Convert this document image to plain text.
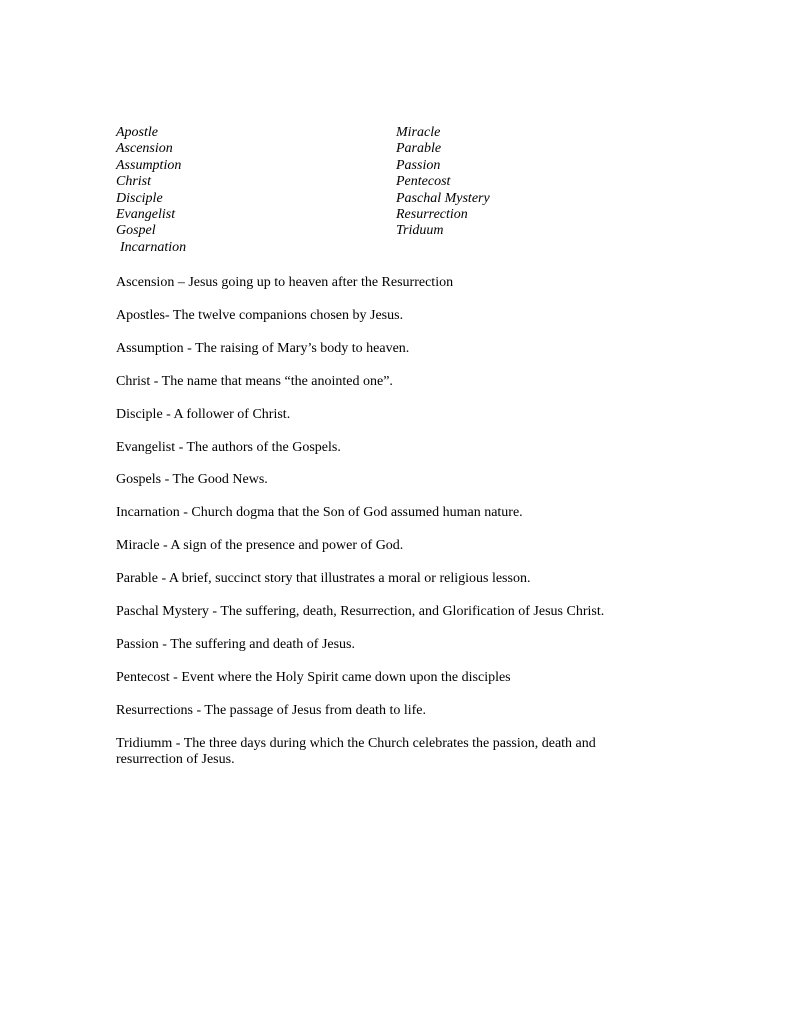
Apostle
Ascension
Assumption
Christ
Disciple
Evangelist
Gospel
Incarnation
Miracle
Parable
Passion
Pentecost
Paschal Mystery
Resurrection
Triduum

Ascension – Jesus going up to heaven after the Resurrection

Apostles- The twelve companions chosen by Jesus.

Assumption - The raising of Mary’s body to heaven.

Christ - The name that means “the anointed one”.

Disciple - A follower of Christ.

Evangelist - The authors of the Gospels.

Gospels - The Good News.

Incarnation - Church dogma that the Son of God assumed human nature.

Miracle - A sign of the presence and power of God.

Parable - A brief, succinct story that illustrates a moral or religious lesson.

Paschal Mystery - The suffering, death, Resurrection, and Glorification of Jesus Christ.

Passion - The suffering and death of Jesus.

Pentecost - Event where the Holy Spirit came down upon the disciples

Resurrections - The passage of Jesus from death to life.

Tridiumm - The three days during which the Church celebrates the passion, death and resurrection of Jesus.
